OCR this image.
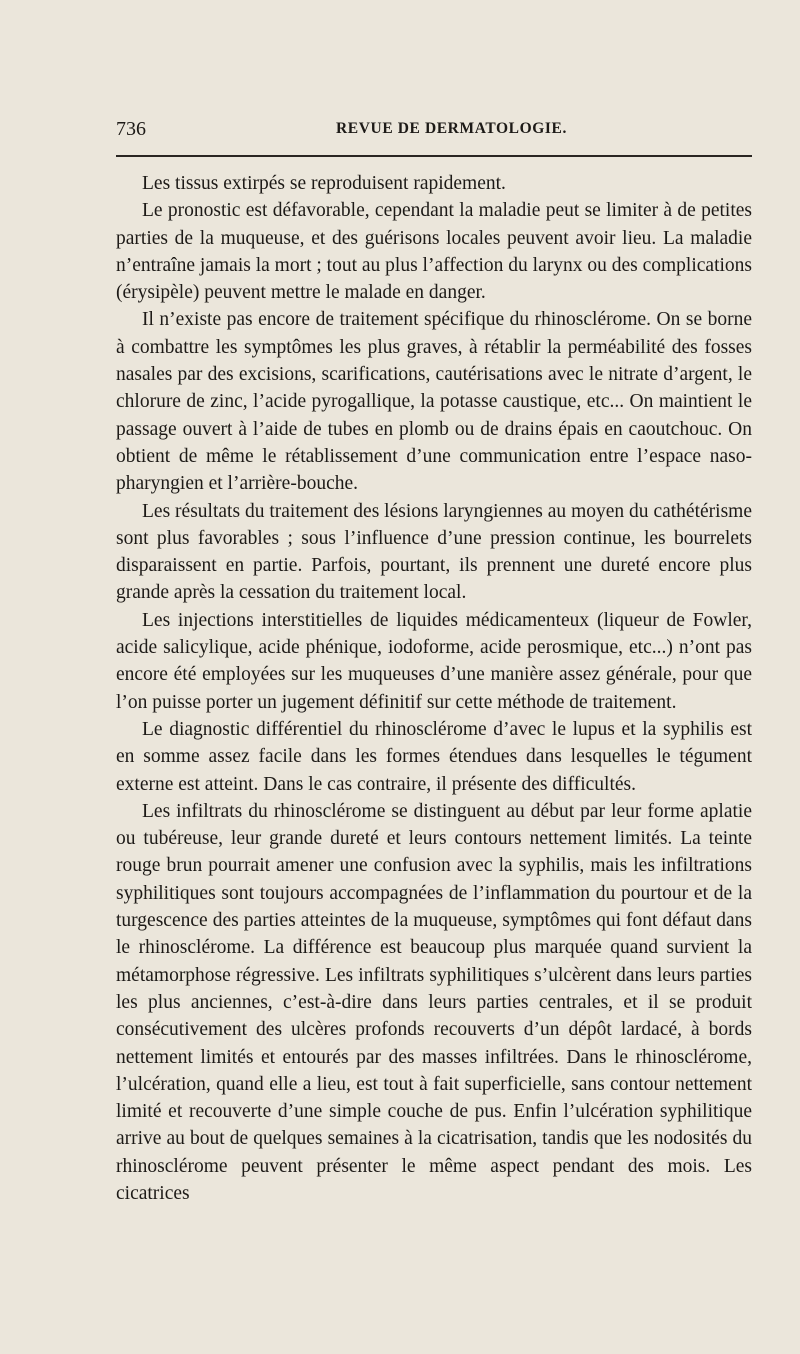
736	REVUE DE DERMATOLOGIE.

Les tissus extirpés se reproduisent rapidement.

Le pronostic est défavorable, cependant la maladie peut se limiter à de petites parties de la muqueuse, et des guérisons locales peuvent avoir lieu. La maladie n’entraîne jamais la mort ; tout au plus l’affection du larynx ou des complications (érysipèle) peuvent mettre le malade en danger.

Il n’existe pas encore de traitement spécifique du rhinosclérome. On se borne à combattre les symptômes les plus graves, à rétablir la perméabilité des fosses nasales par des excisions, scarifications, cautérisations avec le nitrate d’argent, le chlorure de zinc, l’acide pyrogallique, la potasse caustique, etc... On maintient le passage ouvert à l’aide de tubes en plomb ou de drains épais en caoutchouc. On obtient de même le rétablissement d’une communication entre l’espace naso-pharyngien et l’arrière-bouche.

Les résultats du traitement des lésions laryngiennes au moyen du cathétérisme sont plus favorables ; sous l’influence d’une pression continue, les bourrelets disparaissent en partie. Parfois, pourtant, ils prennent une dureté encore plus grande après la cessation du traitement local.

Les injections interstitielles de liquides médicamenteux (liqueur de Fowler, acide salicylique, acide phénique, iodoforme, acide perosmique, etc...) n’ont pas encore été employées sur les muqueuses d’une manière assez générale, pour que l’on puisse porter un jugement définitif sur cette méthode de traitement.

Le diagnostic différentiel du rhinosclérome d’avec le lupus et la syphilis est en somme assez facile dans les formes étendues dans lesquelles le tégument externe est atteint. Dans le cas contraire, il présente des difficultés.

Les infiltrats du rhinosclérome se distinguent au début par leur forme aplatie ou tubéreuse, leur grande dureté et leurs contours nettement limités. La teinte rouge brun pourrait amener une confusion avec la syphilis, mais les infiltrations syphilitiques sont toujours accompagnées de l’inflammation du pourtour et de la turgescence des parties atteintes de la muqueuse, symptômes qui font défaut dans le rhinosclérome. La différence est beaucoup plus marquée quand survient la métamorphose régressive. Les infiltrats syphilitiques s’ulcèrent dans leurs parties les plus anciennes, c’est-à-dire dans leurs parties centrales, et il se produit consécutivement des ulcères profonds recouverts d’un dépôt lardacé, à bords nettement limités et entourés par des masses infiltrées. Dans le rhinosclérome, l’ulcération, quand elle a lieu, est tout à fait superficielle, sans contour nettement limité et recouverte d’une simple couche de pus. Enfin l’ulcération syphilitique arrive au bout de quelques semaines à la cicatrisation, tandis que les nodosités du rhinosclérome peuvent présenter le même aspect pendant des mois. Les cicatrices
